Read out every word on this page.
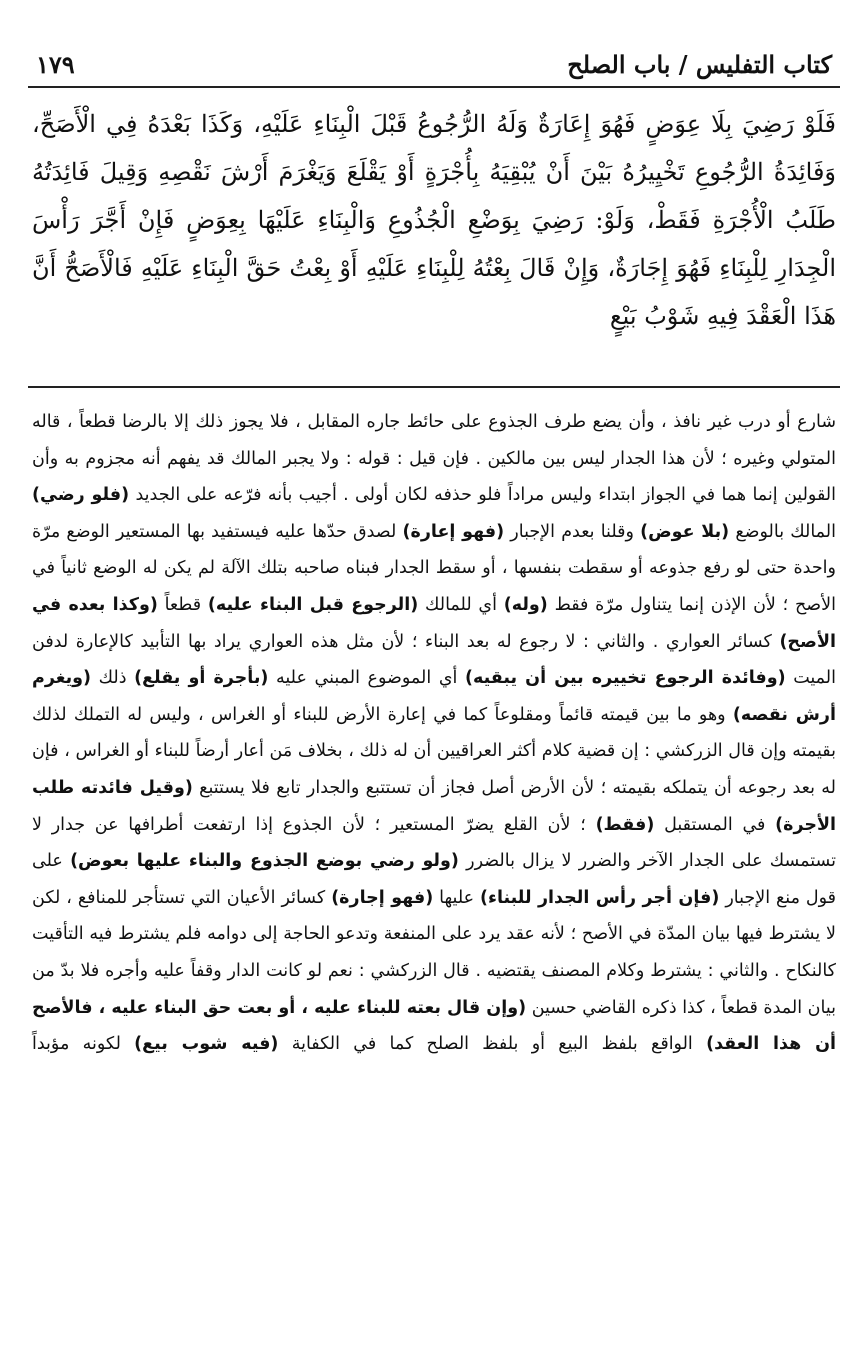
كتاب التفليس / باب الصلح
١٧٩
فَلَوْ رَضِيَ بِلَا عِوَضٍ فَهُوَ إِعَارَةٌ وَلَهُ الرُّجُوعُ قَبْلَ الْبِنَاءِ عَلَيْهِ، وَكَذَا بَعْدَهُ فِي الْأَصَحِّ، وَفَائِدَةُ الرُّجُوعِ تَخْيِيرُهُ بَيْنَ أَنْ يُبْقِيَهُ بِأُجْرَةٍ أَوْ يَقْلَعَ وَيَغْرَمَ أَرْشَ نَقْصِهِ وَقِيلَ فَائِدَتُهُ طَلَبُ الْأُجْرَةِ فَقَطْ، وَلَوْ: رَضِيَ بِوَضْعِ الْجُذُوعِ وَالْبِنَاءِ عَلَيْهَا بِعِوَضٍ فَإِنْ أَجَّرَ رَأْسَ الْجِدَارِ لِلْبِنَاءِ فَهُوَ إِجَارَةٌ، وَإِنْ قَالَ بِعْتُهُ لِلْبِنَاءِ عَلَيْهِ أَوْ بِعْتُ حَقَّ الْبِنَاءِ عَلَيْهِ فَالْأَصَحُّ أَنَّ هَذَا الْعَقْدَ فِيهِ شَوْبُ بَيْعٍ
شارع أو درب غير نافذ ، وأن يضع طرف الجذوع على حائط جاره المقابل ، فلا يجوز ذلك إلا بالرضا قطعاً ، قاله المتولي وغيره ؛ لأن هذا الجدار ليس بين مالكين . فإن قيل : قوله : ولا يجبر المالك قد يفهم أنه مجزوم به وأن القولين إنما هما في الجواز ابتداء وليس مراداً فلو حذفه لكان أولى . أجيب بأنه فرّعه على الجديد (فلو رضي) المالك بالوضع (بلا عوض) وقلنا بعدم الإجبار (فهو إعارة) لصدق حدّها عليه فيستفيد بها المستعير الوضع مرّة واحدة حتى لو رفع جذوعه أو سقطت بنفسها ، أو سقط الجدار فبناه صاحبه بتلك الآلة لم يكن له الوضع ثانياً في الأصح ؛ لأن الإذن إنما يتناول مرّة فقط (وله) أي للمالك (الرجوع قبل البناء عليه) قطعاً (وكذا بعده في الأصح) كسائر العواري . والثاني : لا رجوع له بعد البناء ؛ لأن مثل هذه العواري يراد بها التأبيد كالإعارة لدفن الميت (وفائدة الرجوع تخييره بين أن يبقيه) أي الموضوع المبني عليه (بأجرة أو يقلع) ذلك (ويغرم أرش نقصه) وهو ما بين قيمته قائماً ومقلوعاً كما في إعارة الأرض للبناء أو الغراس ، وليس له التملك لذلك بقيمته وإن قال الزركشي : إن قضية كلام أكثر العراقيين أن له ذلك ، بخلاف مَن أعار أرضاً للبناء أو الغراس ، فإن له بعد رجوعه أن يتملكه بقيمته ؛ لأن الأرض أصل فجاز أن تستتبع والجدار تابع فلا يستتبع (وقيل فائدته طلب الأجرة) في المستقبل (فقط) ؛ لأن القلع يضرّ المستعير ؛ لأن الجذوع إذا ارتفعت أطرافها عن جدار لا تستمسك على الجدار الآخر والضرر لا يزال بالضرر (ولو رضي بوضع الجذوع والبناء عليها بعوض) على قول منع الإجبار (فإن أجر رأس الجدار للبناء) عليها (فهو إجارة) كسائر الأعيان التي تستأجر للمنافع ، لكن لا يشترط فيها بيان المدّة في الأصح ؛ لأنه عقد يرد على المنفعة وتدعو الحاجة إلى دوامه فلم يشترط فيه التأقيت كالنكاح . والثاني : يشترط وكلام المصنف يقتضيه . قال الزركشي : نعم لو كانت الدار وقفاً عليه وأجره فلا بدّ من بيان المدة قطعاً ، كذا ذكره القاضي حسين (وإن قال بعته للبناء عليه ، أو بعت حق البناء عليه ، فالأصح أن هذا العقد) الواقع بلفظ البيع أو بلفظ الصلح كما في الكفاية (فيه شوب بيع) لكونه مؤبداً
